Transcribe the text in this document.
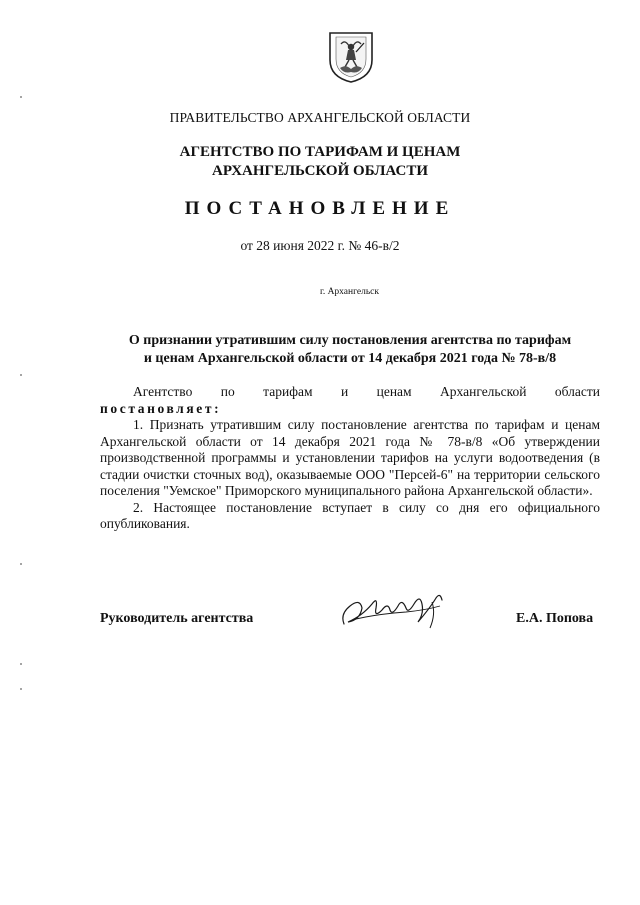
ПРАВИТЕЛЬСТВО АРХАНГЕЛЬСКОЙ ОБЛАСТИ
АГЕНТСТВО ПО ТАРИФАМ И ЦЕНАМ
АРХАНГЕЛЬСКОЙ ОБЛАСТИ
ПОСТАНОВЛЕНИЕ
от 28 июня 2022 г. № 46-в/2
г. Архангельск
О признании утратившим силу постановления агентства по тарифам
и ценам Архангельской области от 14 декабря 2021 года № 78-в/8

Агентство по тарифам и ценам Архангельской области

постановляет:

1. Признать утратившим силу постановление агентства по тарифам и ценам Архангельской области от 14 декабря 2021 года № 78-в/8 «Об утверждении производственной программы и установлении тарифов на услуги водоотведения (в стадии очистки сточных вод), оказываемые ООО "Персей-6" на территории сельского поселения "Уемское" Приморского муниципального района Архангельской области».

2. Настоящее постановление вступает в силу со дня его официального опубликования.

Руководитель агентства	Е.А. Попова
